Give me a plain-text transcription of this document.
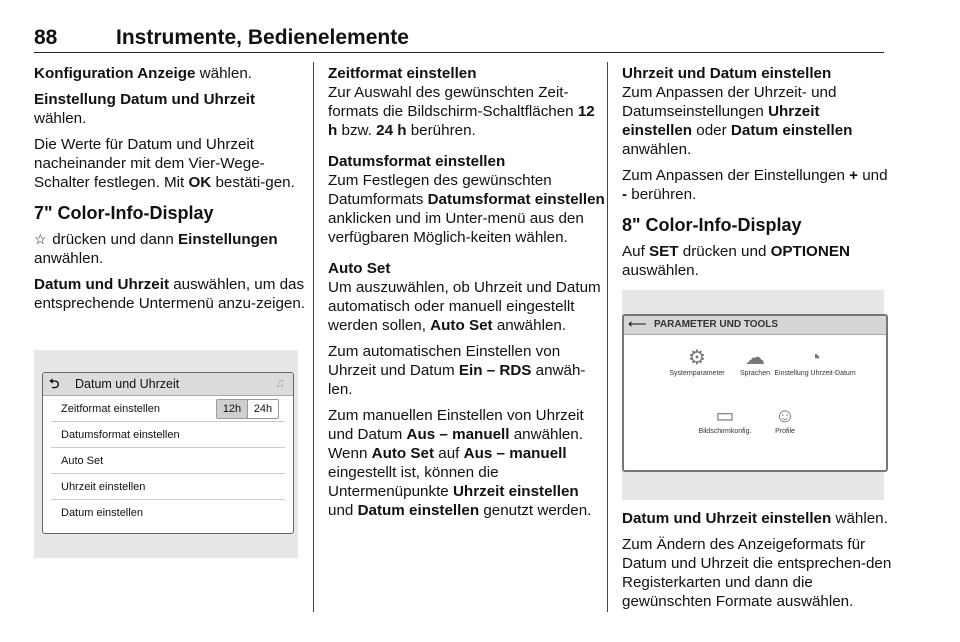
88	Instrumente, Bedienelemente

Konfiguration Anzeige wählen.

Einstellung Datum und Uhrzeit
wählen.

Die Werte für Datum und Uhrzeit nacheinander mit dem Vier-Wege-Schalter festlegen. Mit OK bestäti-gen.

7" Color-Info-Display

☆ drücken und dann Einstellungen anwählen.

Datum und Uhrzeit auswählen, um das entsprechende Untermenü anzu-zeigen.

⮌ Datum und Uhrzeit	♫
Zeitformat einstellen	12h	24h
Datumsformat einstellen
Auto Set
Uhrzeit einstellen
Datum einstellen
Zeitformat einstellen

Zur Auswahl des gewünschten Zeit-formats die Bildschirm-Schaltflächen 12 h bzw. 24 h berühren.

Datumsformat einstellen

Zum Festlegen des gewünschten Datumformats Datumsformat einstellen anklicken und im Unter-menü aus den verfügbaren Möglich-keiten wählen.

Auto Set

Um auszuwählen, ob Uhrzeit und Datum automatisch oder manuell eingestellt werden sollen, Auto Set anwählen.

Zum automatischen Einstellen von Uhrzeit und Datum Ein – RDS anwäh-len.

Zum manuellen Einstellen von Uhrzeit und Datum Aus – manuell anwählen. Wenn Auto Set auf Aus – manuell eingestellt ist, können die Untermenüpunkte Uhrzeit einstellen und Datum einstellen genutzt werden.

Uhrzeit und Datum einstellen

Zum Anpassen der Uhrzeit- und Datumseinstellungen Uhrzeit einstellen oder Datum einstellen anwählen.

Zum Anpassen der Einstellungen + und - berühren.

8" Color-Info-Display

Auf SET drücken und OPTIONEN auswählen.

Datum und Uhrzeit einstellen wählen.

Zum Ändern des Anzeigeformats für Datum und Uhrzeit die entsprechen-den Registerkarten und dann die gewünschten Formate auswählen.

⟵ PARAMETER UND TOOLS
⚙
Systemparameter
☁
Sprachen
◔
Einstellung Uhrzeit-Datum
▭
Bildschirmkonfig.
☺
Profile
